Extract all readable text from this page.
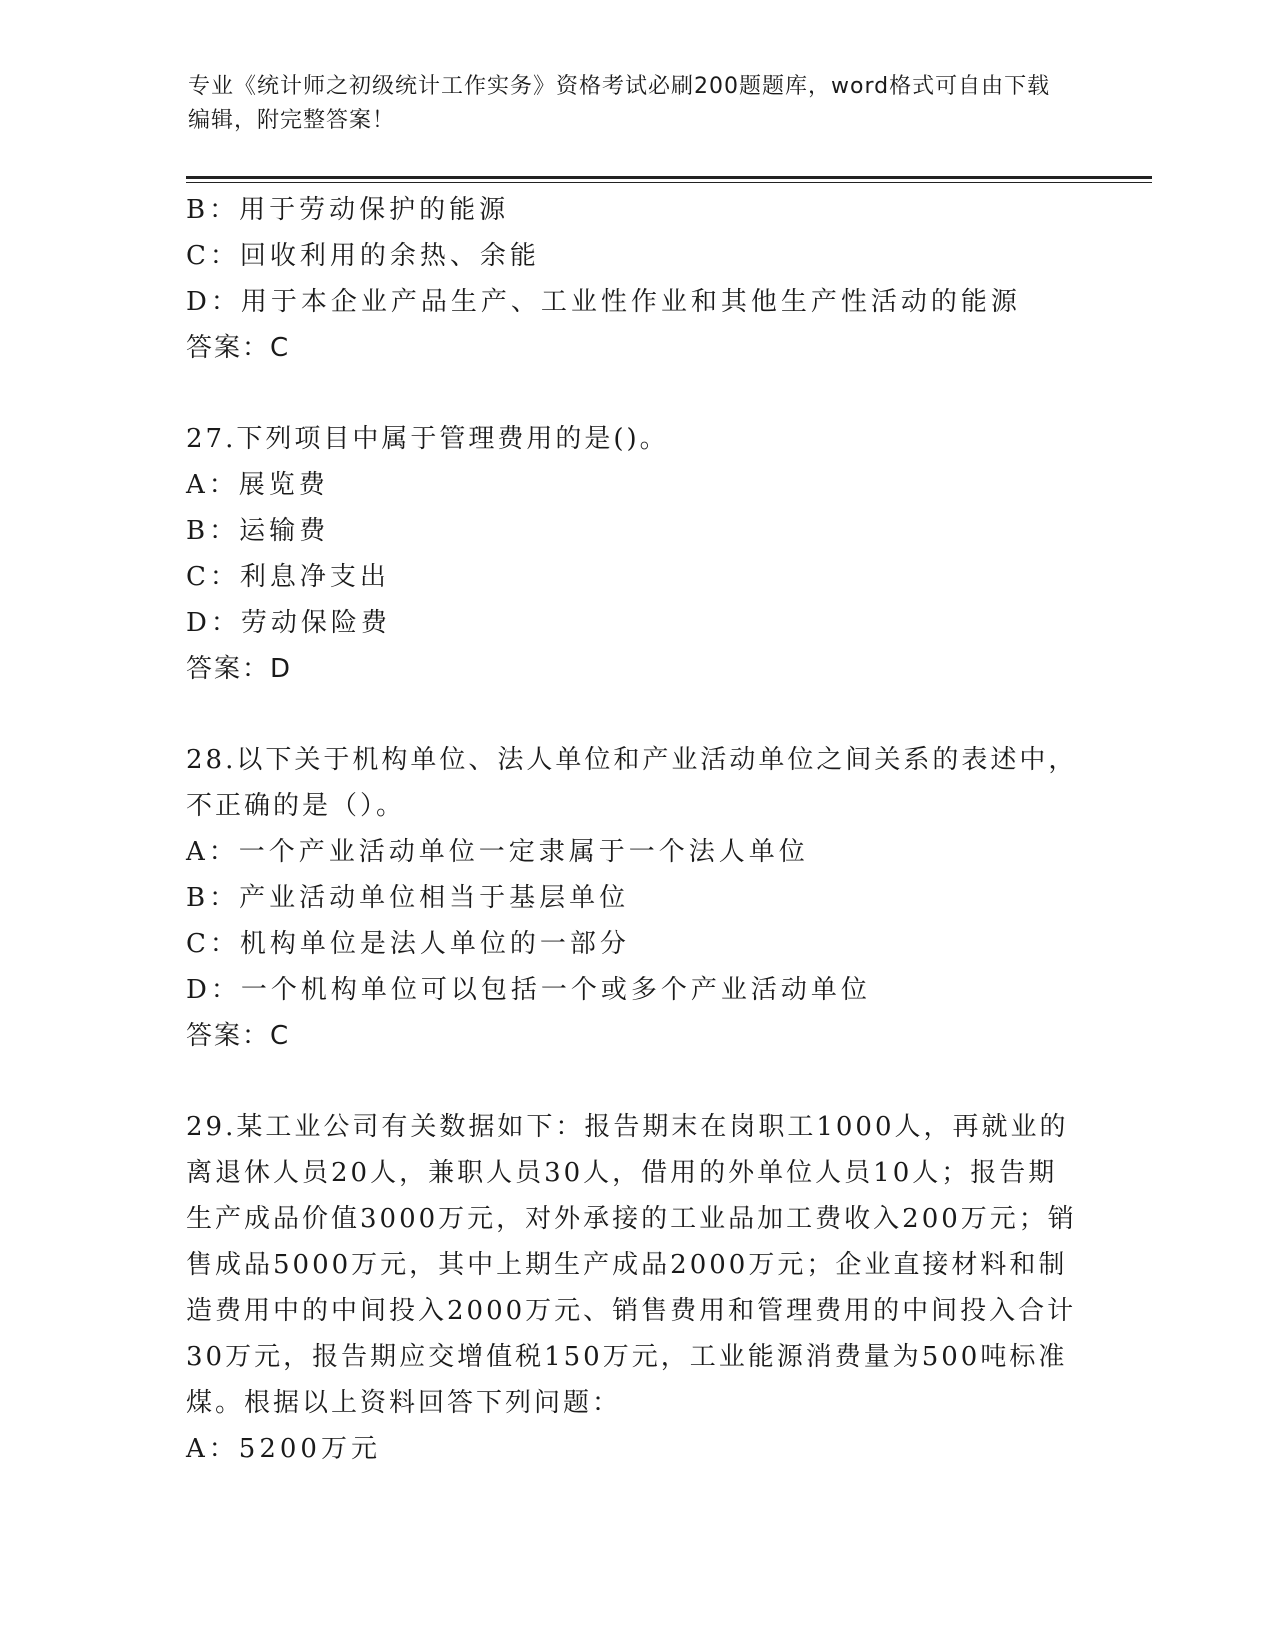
专业《统计师之初级统计工作实务》资格考试必刷200题题库，word格式可自由下载编辑，附完整答案！
B：用于劳动保护的能源
C：回收利用的余热、余能
D：用于本企业产品生产、工业性作业和其他生产性活动的能源
答案：C
27.下列项目中属于管理费用的是()。
A：展览费
B：运输费
C：利息净支出
D：劳动保险费
答案：D
28.以下关于机构单位、法人单位和产业活动单位之间关系的表述中，
不正确的是（）。
A：一个产业活动单位一定隶属于一个法人单位
B：产业活动单位相当于基层单位
C：机构单位是法人单位的一部分
D：一个机构单位可以包括一个或多个产业活动单位
答案：C
29.某工业公司有关数据如下：报告期末在岗职工1000人，再就业的
离退休人员20人，兼职人员30人，借用的外单位人员10人；报告期
生产成品价值3000万元，对外承接的工业品加工费收入200万元；销
售成品5000万元，其中上期生产成品2000万元；企业直接材料和制
造费用中的中间投入2000万元、销售费用和管理费用的中间投入合计
30万元，报告期应交增值税150万元，工业能源消费量为500吨标准
煤。根据以上资料回答下列问题：
A：5200万元
